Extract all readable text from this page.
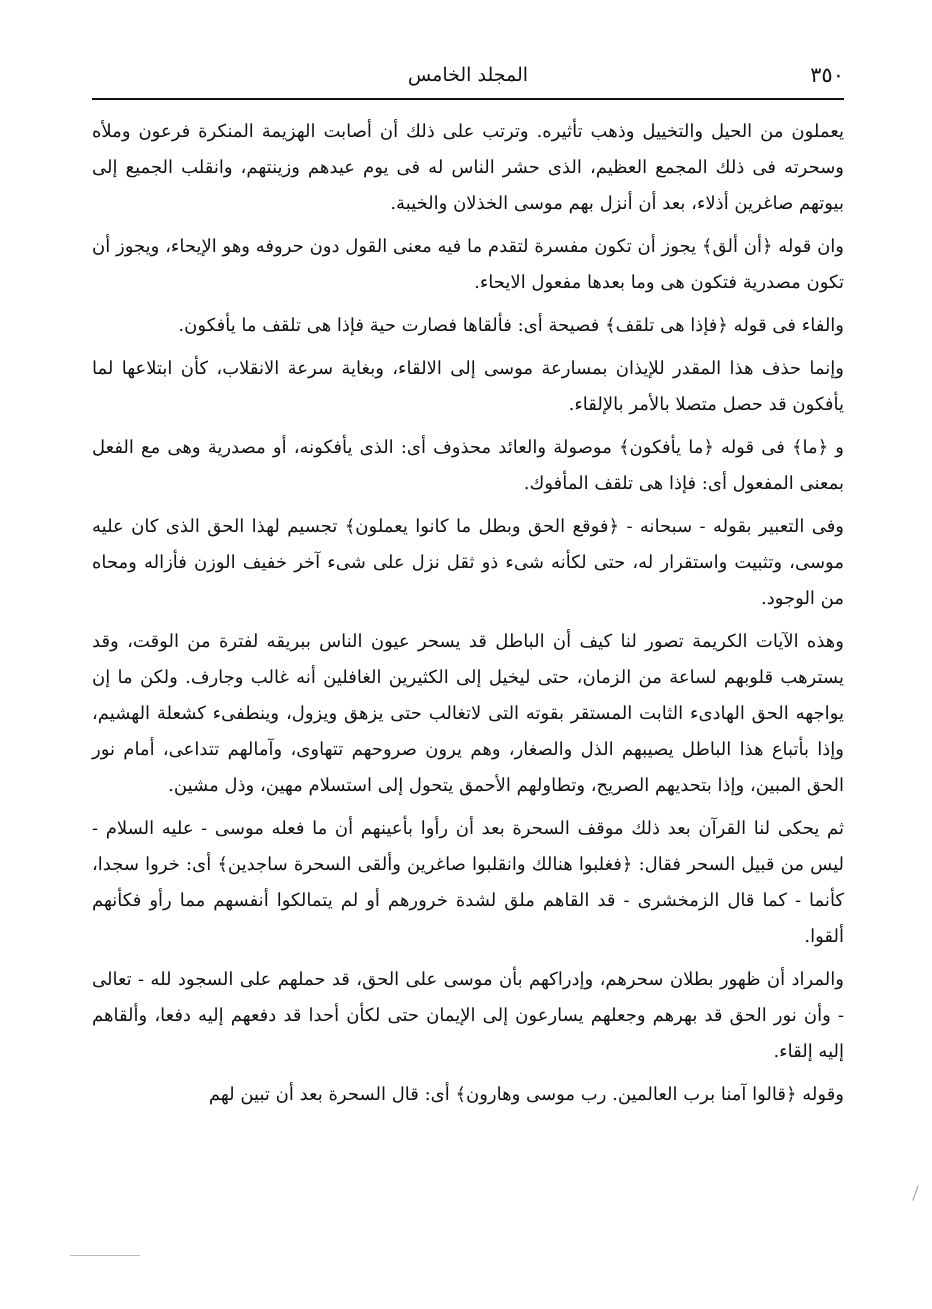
٣٥٠
المجلد الخامس

يعملون من الحيل والتخييل وذهب تأثيره. وترتب على ذلك أن أصابت الهزيمة المنكرة فرعون وملأه وسحرته فى ذلك المجمع العظيم، الذى حشر الناس له فى يوم عيدهم وزينتهم، وانقلب الجميع إلى بيوتهم صاغرين أذلاء، بعد أن أنزل بهم موسى الخذلان والخيبة.

وان قوله ﴿أن ألق﴾ يجوز أن تكون مفسرة لتقدم ما فيه معنى القول دون حروفه وهو الإيحاء، ويجوز أن تكون مصدرية فتكون هى وما بعدها مفعول الايحاء.

والفاء فى قوله ﴿فإذا هى تلقف﴾ فصيحة أى: فألقاها فصارت حية فإذا هى تلقف ما يأفكون.

وإنما حذف هذا المقدر للإيذان بمسارعة موسى إلى الالقاء، وبغاية سرعة الانقلاب، كأن ابتلاعها لما يأفكون قد حصل متصلا بالأمر بالإلقاء.

و ﴿ما﴾ فى قوله ﴿ما يأفكون﴾ موصولة والعائد محذوف أى: الذى يأفكونه، أو مصدرية وهى مع الفعل بمعنى المفعول أى: فإذا هى تلقف المأفوك.

وفى التعبير بقوله - سبحانه - ﴿فوقع الحق وبطل ما كانوا يعملون﴾ تجسيم لهذا الحق الذى كان عليه موسى، وتثبيت واستقرار له، حتى لكأنه شىء ذو ثقل نزل على شىء آخر خفيف الوزن فأزاله ومحاه من الوجود.

وهذه الآيات الكريمة تصور لنا كيف أن الباطل قد يسحر عيون الناس ببريقه لفترة من الوقت، وقد يسترهب قلوبهم لساعة من الزمان، حتى ليخيل إلى الكثيرين الغافلين أنه غالب وجارف. ولكن ما إن يواجهه الحق الهادىء الثابت المستقر بقوته التى لاتغالب حتى يزهق ويزول، وينطفىء كشعلة الهشيم، وإذا بأتباع هذا الباطل يصيبهم الذل والصغار، وهم يرون صروحهم تتهاوى، وآمالهم تتداعى، أمام نور الحق المبين، وإذا بتحديهم الصريح، وتطاولهم الأحمق يتحول إلى استسلام مهين، وذل مشين.

ثم يحكى لنا القرآن بعد ذلك موقف السحرة بعد أن رأوا بأعينهم أن ما فعله موسى - عليه السلام - ليس من قبيل السحر فقال: ﴿فغلبوا هنالك وانقلبوا صاغرين وألقى السحرة ساجدين﴾ أى: خروا سجدا، كأنما - كما قال الزمخشرى - قد القاهم ملق لشدة خرورهم أو لم يتمالكوا أنفسهم مما رأو فكأنهم ألقوا.

والمراد أن ظهور بطلان سحرهم، وإدراكهم بأن موسى على الحق، قد حملهم على السجود لله - تعالى - وأن نور الحق قد بهرهم وجعلهم يسارعون إلى الإيمان حتى لكأن أحدا قد دفعهم إليه دفعا، وألقاهم إليه إلقاء.

وقوله ﴿قالوا آمنا برب العالمين. رب موسى وهارون﴾ أى: قال السحرة بعد أن تبين لهم
